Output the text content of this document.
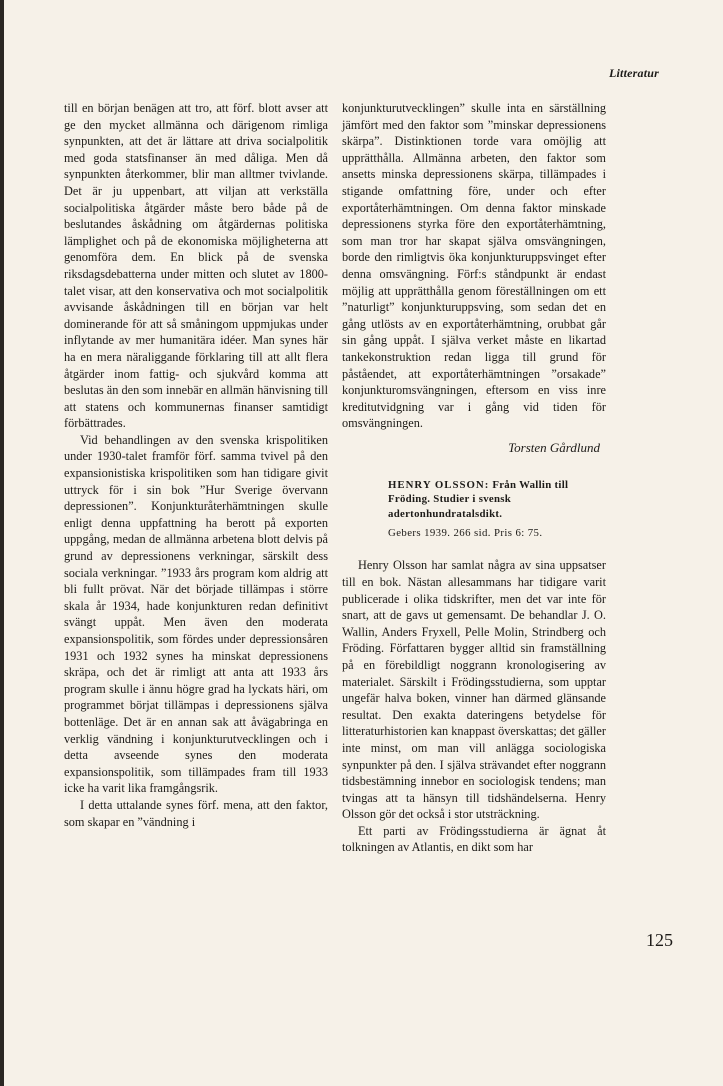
Litteratur

till en början benägen att tro, att förf. blott avser att ge den mycket allmänna och därigenom rimliga synpunkten, att det är lättare att driva socialpolitik med goda statsfinanser än med dåliga. Men då synpunkten återkommer, blir man alltmer tvivlande. Det är ju uppenbart, att viljan att verkställa socialpolitiska åtgärder måste bero både på de beslutandes åskådning om åtgärdernas politiska lämplighet och på de ekonomiska möjligheterna att genomföra dem. En blick på de svenska riksdagsdebatterna under mitten och slutet av 1800-talet visar, att den konservativa och mot socialpolitik avvisande åskådningen till en början var helt dominerande för att så småningom uppmjukas under inflytande av mer humanitära idéer. Man synes här ha en mera näraliggande förklaring till att allt flera åtgärder inom fattig- och sjukvård komma att beslutas än den som innebär en allmän hänvisning till att statens och kommunernas finanser samtidigt förbättrades.

Vid behandlingen av den svenska krispolitiken under 1930-talet framför förf. samma tvivel på den expansionistiska krispolitiken som han tidigare givit uttryck för i sin bok ”Hur Sverige övervann depressionen”. Konjunkturåterhämtningen skulle enligt denna uppfattning ha berott på exporten uppgång, medan de allmänna arbetena blott delvis på grund av depressionens verkningar, särskilt dess sociala verkningar. ”1933 års program kom aldrig att bli fullt prövat. När det började tillämpas i större skala år 1934, hade konjunkturen redan definitivt svängt uppåt. Men även den moderata expansionspolitik, som fördes under depressionsåren 1931 och 1932 synes ha minskat depressionens skräpa, och det är rimligt att anta att 1933 års program skulle i ännu högre grad ha lyckats häri, om programmet börjat tillämpas i depressionens själva bottenläge. Det är en annan sak att åvägabringa en verklig vändning i konjunkturutvecklingen och i detta avseende synes den moderata expansionspolitik, som tillämpades fram till 1933 icke ha varit lika framgångsrik.

I detta uttalande synes förf. mena, att den faktor, som skapar en ”vändning i

konjunkturutvecklingen” skulle inta en särställning jämfört med den faktor som ”minskar depressionens skärpa”. Distinktionen torde vara omöjlig att upprätthålla. Allmänna arbeten, den faktor som ansetts minska depressionens skärpa, tillämpades i stigande omfattning före, under och efter exportåterhämtningen. Om denna faktor minskade depressionens styrka före den exportåterhämtning, som man tror har skapat själva omsvängningen, borde den rimligtvis öka konjunkturuppsvinget efter denna omsvängning. Förf:s ståndpunkt är endast möjlig att upprätthålla genom föreställningen om ett ”naturligt” konjunkturuppsving, som sedan det en gång utlösts av en exportåterhämtning, orubbat går sin gång uppåt. I själva verket måste en likartad tankekonstruktion redan ligga till grund för påståendet, att exportåterhämtningen ”orsakade” konjunkturomsvängningen, eftersom en viss inre kreditutvidgning var i gång vid tiden för omsvängningen.

Torsten Gårdlund
HENRY OLSSON: Från Wallin till Fröding. Studier i svensk adertonhundratalsdikt.
Gebers 1939. 266 sid. Pris 6: 75.

Henry Olsson har samlat några av sina uppsatser till en bok. Nästan allesammans har tidigare varit publicerade i olika tidskrifter, men det var inte för snart, att de gavs ut gemensamt. De behandlar J. O. Wallin, Anders Fryxell, Pelle Molin, Strindberg och Fröding. Författaren bygger alltid sin framställning på en förebildligt noggrann kronologisering av materialet. Särskilt i Frödingsstudierna, som upptar ungefär halva boken, vinner han därmed glänsande resultat. Den exakta dateringens betydelse för litteraturhistorien kan knappast överskattas; det gäller inte minst, om man vill anlägga sociologiska synpunkter på den. I själva strävandet efter noggrann tidsbestämning innebor en sociologisk tendens; man tvingas att ta hänsyn till tidshändelserna. Henry Olsson gör det också i stor utsträckning.

Ett parti av Frödingsstudierna är ägnat åt tolkningen av Atlantis, en dikt som har

125
